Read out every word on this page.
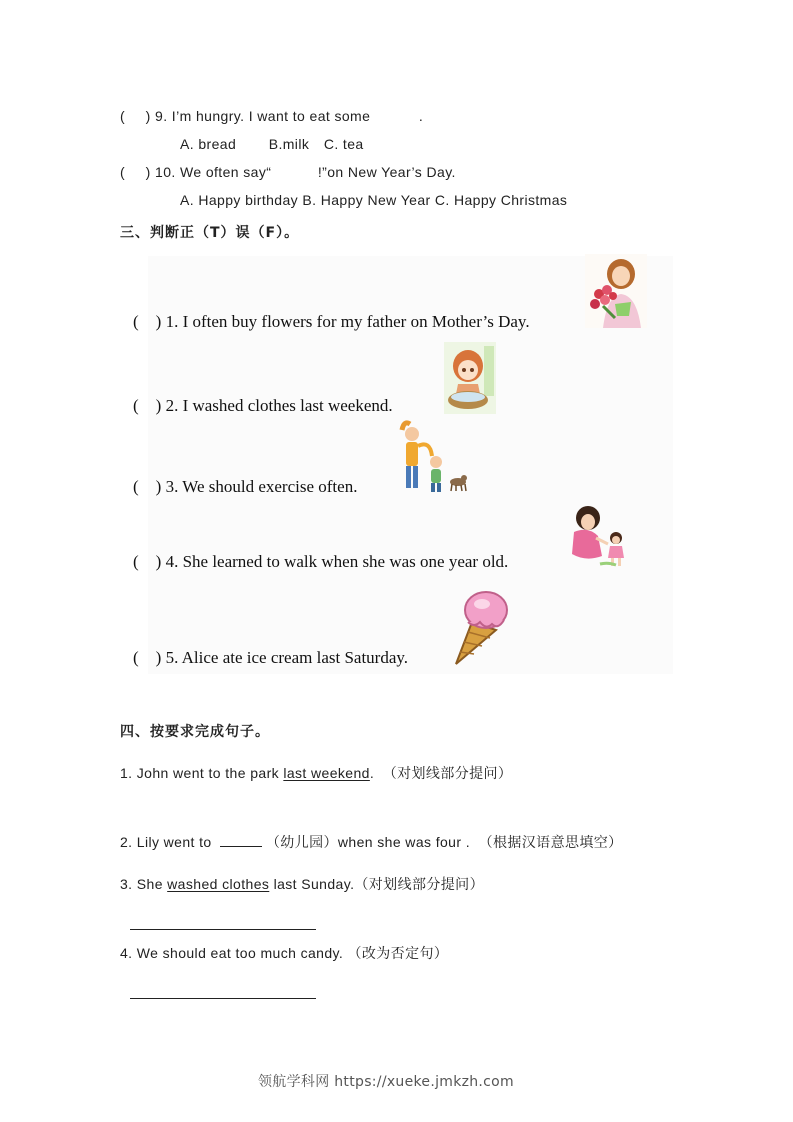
( ) 9. I’m hungry. I want to eat some	.
A. bread B.milk C. tea
( ) 10. We often say“	!”on New Year’s Day.
A. Happy birthday B. Happy New Year C. Happy Christmas
三、判断正（T）误（F）。
(    ) 1. I often buy flowers for my father on Mother’s Day.
(    ) 2. I washed clothes last weekend.
(    ) 3. We should exercise often.
(    ) 4. She learned to walk when she was one year old.
(    ) 5. Alice ate ice cream last Saturday.
四、按要求完成句子。
1. John went to the park last weekend.  （对划线部分提问）
2. Lily went to	（幼儿园）when she was four .  （根据汉语意思填空）
3. She washed clothes last Sunday.（对划线部分提问）
4. We should eat too much candy. （改为否定句）
领航学科网 https://xueke.jmkzh.com
